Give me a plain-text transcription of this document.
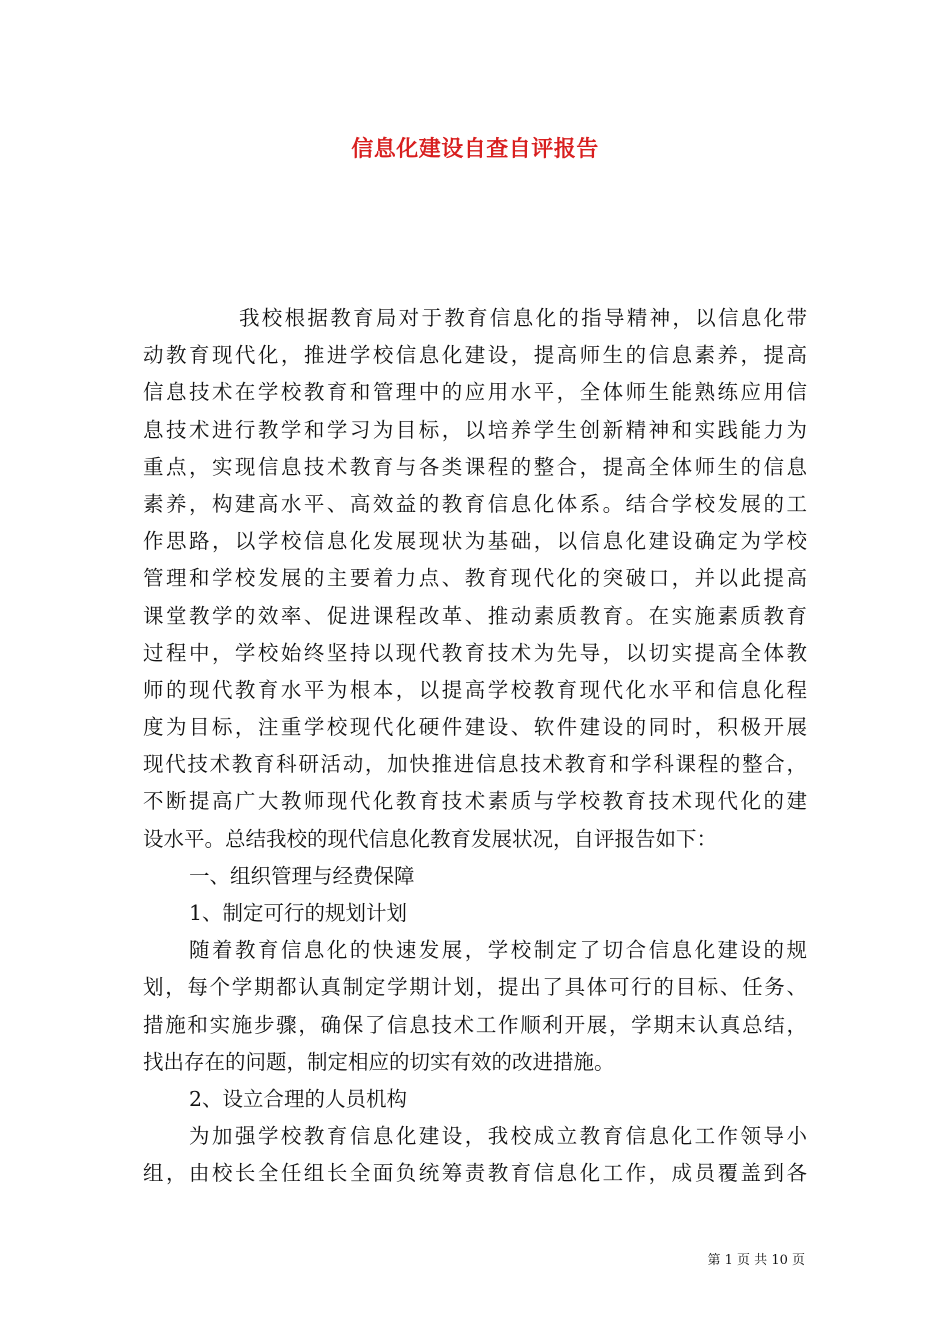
信息化建设自查自评报告
我校根据教育局对于教育信息化的指导精神，以信息化带
动教育现代化，推进学校信息化建设，提高师生的信息素养，提高
信息技术在学校教育和管理中的应用水平，全体师生能熟练应用信
息技术进行教学和学习为目标，以培养学生创新精神和实践能力为
重点，实现信息技术教育与各类课程的整合，提高全体师生的信息
素养，构建高水平、高效益的教育信息化体系。结合学校发展的工
作思路，以学校信息化发展现状为基础，以信息化建设确定为学校
管理和学校发展的主要着力点、教育现代化的突破口，并以此提高
课堂教学的效率、促进课程改革、推动素质教育。在实施素质教育
过程中，学校始终坚持以现代教育技术为先导，以切实提高全体教
师的现代教育水平为根本，以提高学校教育现代化水平和信息化程
度为目标，注重学校现代化硬件建设、软件建设的同时，积极开展
现代技术教育科研活动，加快推进信息技术教育和学科课程的整合，
不断提高广大教师现代化教育技术素质与学校教育技术现代化的建
设水平。总结我校的现代信息化教育发展状况，自评报告如下：
一、组织管理与经费保障
1、制定可行的规划计划
随着教育信息化的快速发展，学校制定了切合信息化建设的规
划，每个学期都认真制定学期计划，提出了具体可行的目标、任务、
措施和实施步骤，确保了信息技术工作顺利开展，学期末认真总结，
找出存在的问题，制定相应的切实有效的改进措施。
2、设立合理的人员机构
为加强学校教育信息化建设，我校成立教育信息化工作领导小
组，由校长全任组长全面负统筹责教育信息化工作，成员覆盖到各
第 1 页 共 10 页
